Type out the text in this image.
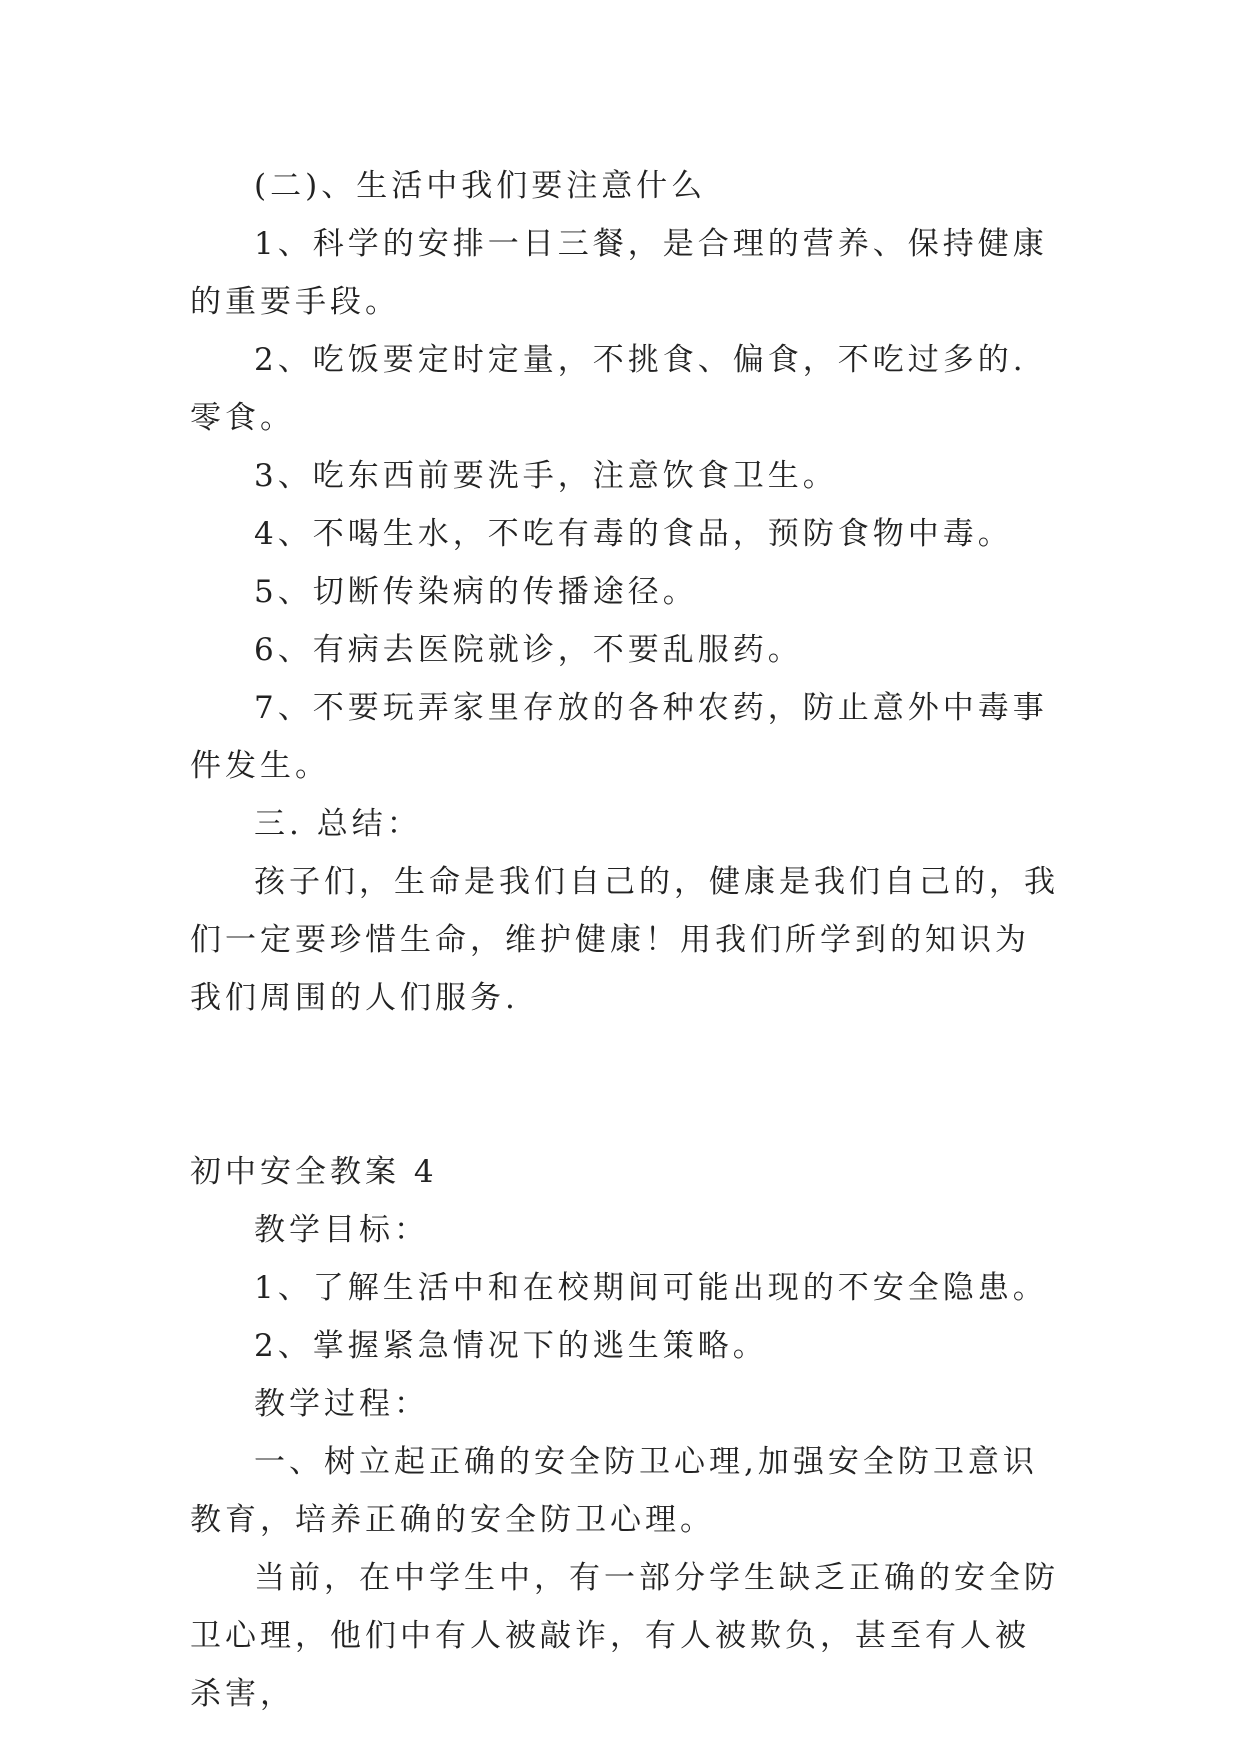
(二)、生活中我们要注意什么

1、科学的安排一日三餐，是合理的营养、保持健康的重要手段。

2、吃饭要定时定量，不挑食、偏食，不吃过多的.零食。

3、吃东西前要洗手，注意饮食卫生。

4、不喝生水，不吃有毒的食品，预防食物中毒。

5、切断传染病的传播途径。

6、有病去医院就诊，不要乱服药。

7、不要玩弄家里存放的各种农药，防止意外中毒事件发生。

三. 总结：

孩子们，生命是我们自己的，健康是我们自己的，我们一定要珍惜生命，维护健康！用我们所学到的知识为我们周围的人们服务.

初中安全教案 4

教学目标：

1、了解生活中和在校期间可能出现的不安全隐患。

2、掌握紧急情况下的逃生策略。

教学过程：

一、树立起正确的安全防卫心理,加强安全防卫意识教育，培养正确的安全防卫心理。

当前，在中学生中，有一部分学生缺乏正确的安全防卫心理，他们中有人被敲诈，有人被欺负，甚至有人被杀害，
